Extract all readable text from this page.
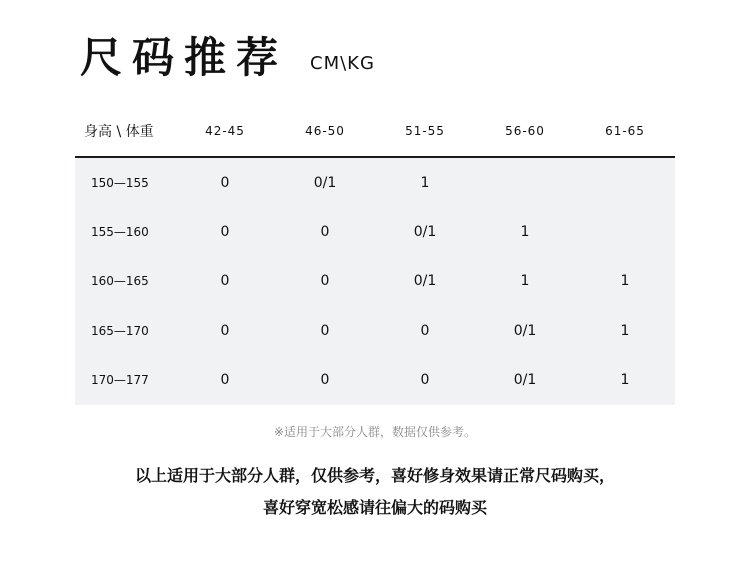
尺码推荐 CM\KG
身高 \ 体重	42-45	46-50	51-55	56-60	61-65
150—155	0	0/1	1
155—160	0	0	0/1	1
160—165	0	0	0/1	1	1
165—170	0	0	0	0/1	1
170—177	0	0	0	0/1	1
※适用于大部分人群，数据仅供参考。
以上适用于大部分人群，仅供参考，喜好修身效果请正常尺码购买，
喜好穿宽松感请往偏大的码购买
